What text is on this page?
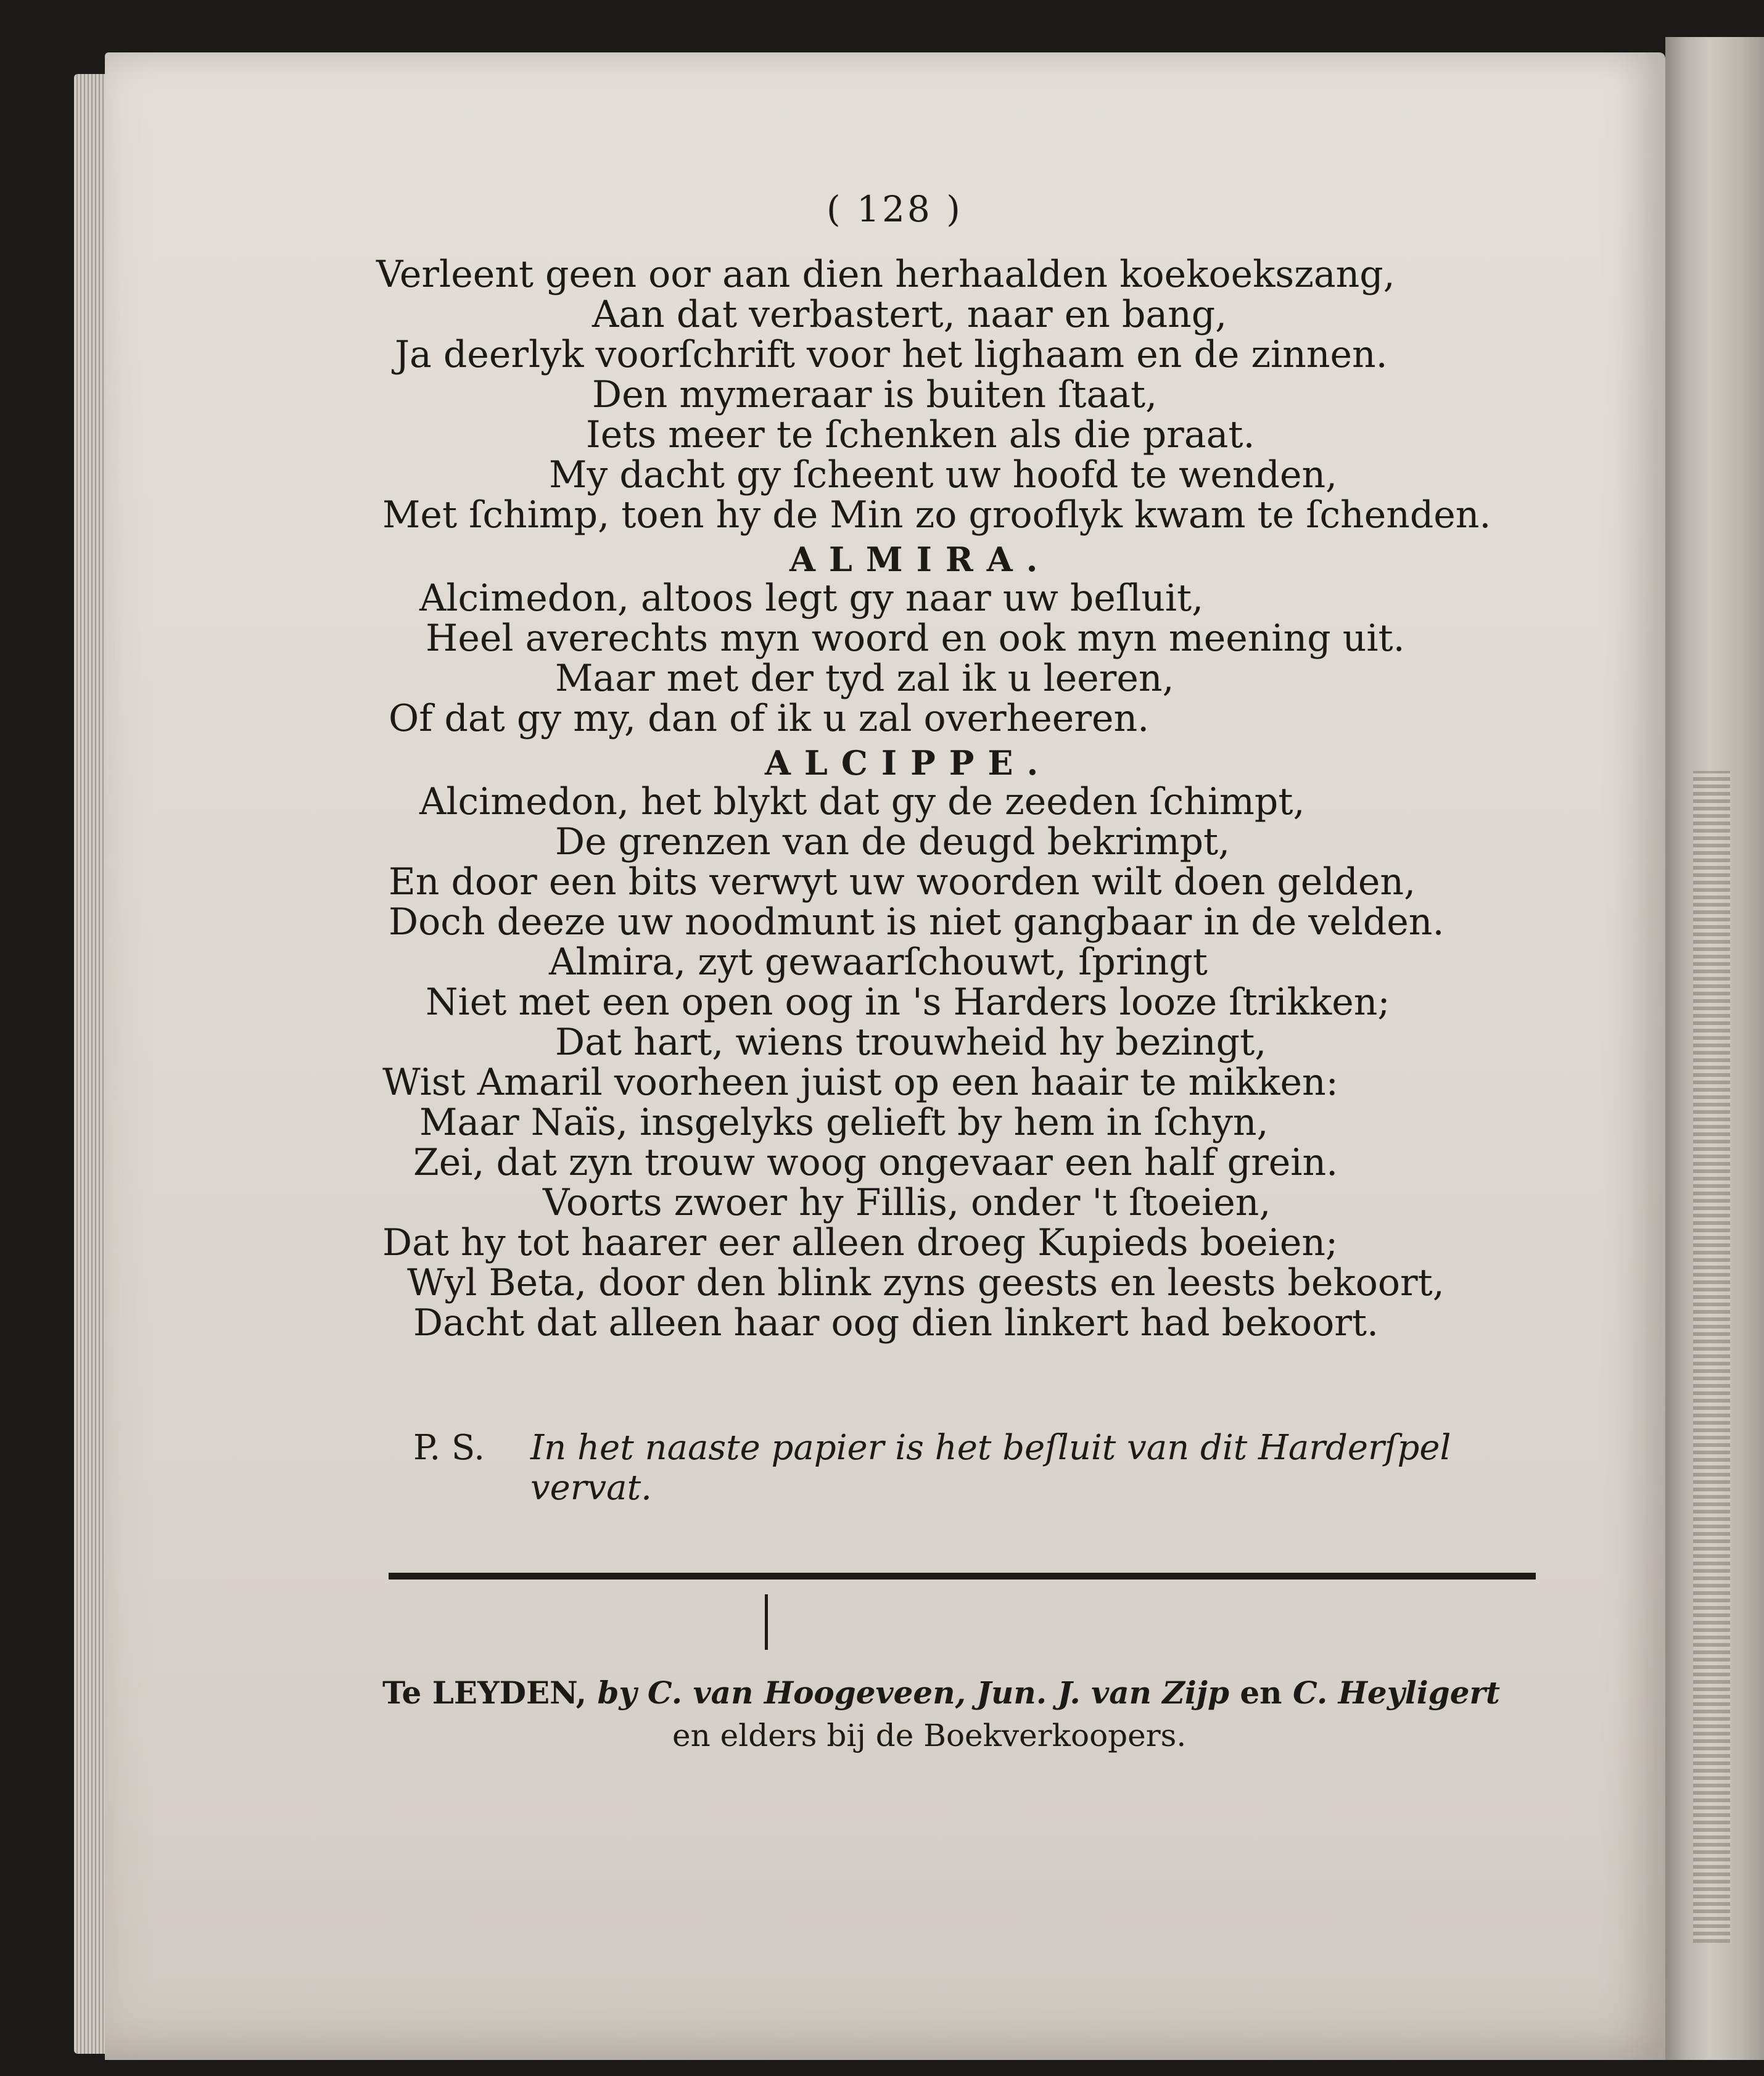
( 128 )
Verleent geen oor aan dien herhaalden koekoekszang,
Aan dat verbastert, naar en bang,
Ja deerlyk voorſchrift voor het lighaam en de zinnen.
Den mymeraar is buiten ſtaat,
Iets meer te ſchenken als die praat.
My dacht gy ſcheent uw hoofd te wenden,
Met ſchimp, toen hy de Min zo grooflyk kwam te ſchenden.
ALMIRA.
Alcimedon, altoos legt gy naar uw beſluit,
Heel averechts myn woord en ook myn meening uit.
Maar met der tyd zal ik u leeren,
Of dat gy my, dan of ik u zal overheeren.
ALCIPPE.
Alcimedon, het blykt dat gy de zeeden ſchimpt,
De grenzen van de deugd bekrimpt,
En door een bits verwyt uw woorden wilt doen gelden,
Doch deeze uw noodmunt is niet gangbaar in de velden.
Almira, zyt gewaarſchouwt, ſpringt
Niet met een open oog in 's Harders looze ſtrikken;
Dat hart, wiens trouwheid hy bezingt,
Wist Amaril voorheen juist op een haair te mikken:
Maar Naïs, insgelyks gelieft by hem in ſchyn,
Zei, dat zyn trouw woog ongevaar een half grein.
Voorts zwoer hy Fillis, onder 't ſtoeien,
Dat hy tot haarer eer alleen droeg Kupieds boeien;
Wyl Beta, door den blink zyns geests en leests bekoort,
Dacht dat alleen haar oog dien linkert had bekoort.
P. S. In het naaste papier is het beſluit van dit Harderſpel
vervat.
Te LEYDEN, by C. van Hoogeveen, Jun. J. van Zijp en C. Heyligert
en elders bij de Boekverkoopers.
